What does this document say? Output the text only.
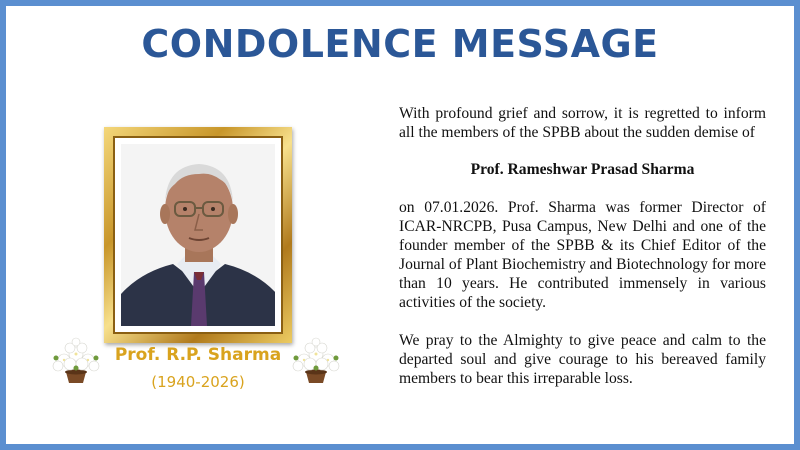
CONDOLENCE MESSAGE
Prof. R.P. Sharma
(1940-2026)

With profound grief and sorrow, it is regretted to inform all the members of the SPBB about the sudden demise of

Prof. Rameshwar Prasad Sharma

on 07.01.2026. Prof. Sharma was former Director of ICAR-NRCPB, Pusa Campus, New Delhi and one of the founder member of the SPBB & its Chief Editor of the Journal of Plant Biochemistry and Biotechnology for more than 10 years. He contributed immensely in various activities of the society.

We pray to the Almighty to give peace and calm to the departed soul and give courage to his bereaved family members to bear this irreparable loss.
